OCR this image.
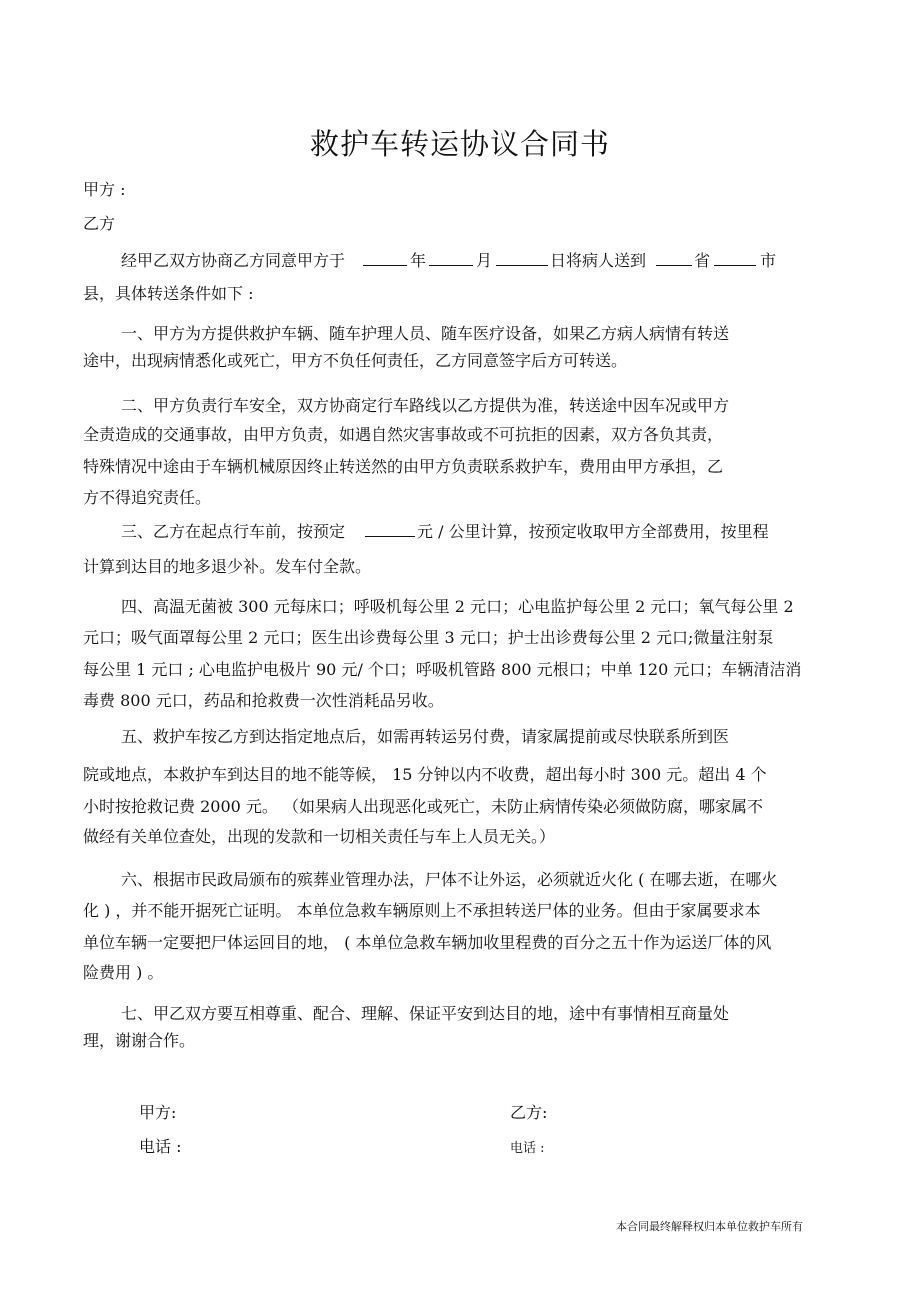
救护车转运协议合同书
甲方 :
乙方
经甲乙双方协商乙方同意甲方于	年	月	日将病人送到	省	市
县，具体转送条件如下 :
一、甲方为方提供救护车辆、随车护理人员、随车医疗设备，如果乙方病人病情有转送
途中，出现病情悉化或死亡，甲方不负任何责任，乙方同意签字后方可转送。
二、甲方负责行车安全，双方协商定行车路线以乙方提供为准，转送途中因车况或甲方
全责造成的交通事故，由甲方负责，如遇自然灾害事故或不可抗拒的因素，双方各负其责，
特殊情况中途由于车辆机械原因终止转送然的由甲方负责联系救护车，费用由甲方承担，乙
方不得追究责任。
三、乙方在起点行车前，按预定	元 / 公里计算，按预定收取甲方全部费用，按里程
计算到达目的地多退少补。发车付全款。
四、高温无菌被 300 元每床口；呼吸机每公里 2 元口；心电监护每公里 2 元口；氧气每公里 2
元口；吸气面罩每公里 2 元口；医生出诊费每公里 3 元口；护士出诊费每公里 2 元口;微量注射泵
每公里 1 元口 ; 心电监护电极片 90 元/ 个口；呼吸机管路 800 元根口；中单 120 元口；车辆清洁消
毒费 800 元口，药品和抢救费一次性消耗品另收。
五、救护车按乙方到达指定地点后，如需再转运另付费，请家属提前或尽快联系所到医
院或地点，本救护车到达目的地不能等候， 15 分钟以内不收费，超出每小时 300 元。超出 4 个
小时按抢救记费 2000 元。 （如果病人出现恶化或死亡，未防止病情传染必须做防腐，哪家属不
做经有关单位查处，出现的发款和一切相关责任与车上人员无关。）
六、根据市民政局颁布的殡葬业管理办法，尸体不让外运，必须就近火化 ( 在哪去逝，在哪火
化 ) ，并不能开据死亡证明。 本单位急救车辆原则上不承担转送尸体的业务。但由于家属要求本
单位车辆一定要把尸体运回目的地， ( 本单位急救车辆加收里程费的百分之五十作为运送厂体的风
险费用 ) 。
七、甲乙双方要互相尊重、配合、理解、保证平安到达目的地，途中有事情相互商量处
理，谢谢合作。
甲方:
电话 :
乙方:
电话 :
本合同最终解释权归本单位救护车所有
